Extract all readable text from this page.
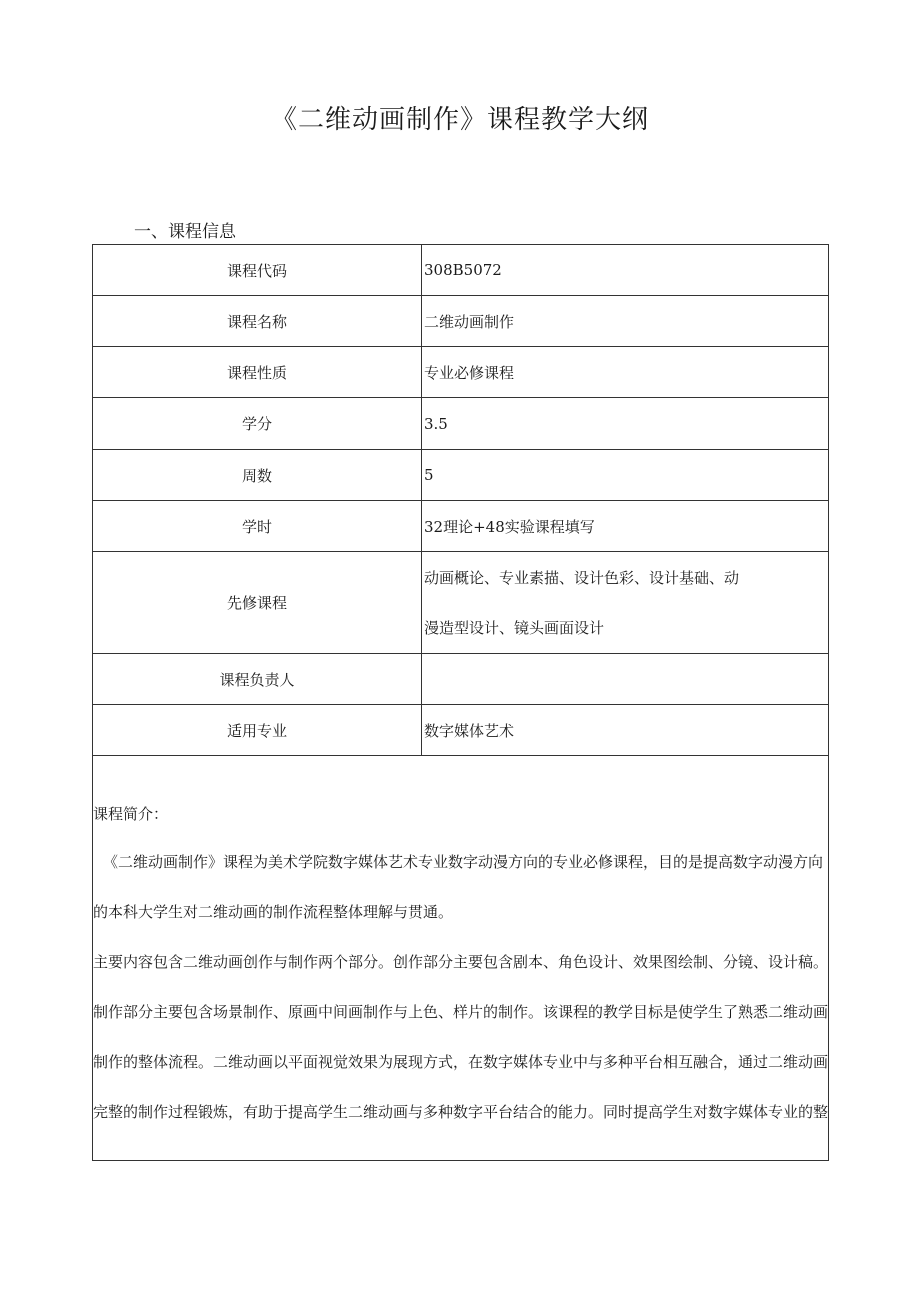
《二维动画制作》课程教学大纲
一、课程信息
课程代码	308B5072
课程名称	二维动画制作
课程性质	专业必修课程
学分	3.5
周数	5
学时	32理论+48实验课程填写
先修课程	动画概论、专业素描、设计色彩、设计基础、动
漫造型设计、镜头画面设计

课程负责人	
适用专业	数字媒体艺术

课程简介：

《二维动画制作》课程为美术学院数字媒体艺术专业数字动漫方向的专业必修课程，目的是提高数字动漫方向的本科大学生对二维动画的制作流程整体理解与贯通。

主要内容包含二维动画创作与制作两个部分。创作部分主要包含剧本、角色设计、效果图绘制、分镜、设计稿。制作部分主要包含场景制作、原画中间画制作与上色、样片的制作。该课程的教学目标是使学生了熟悉二维动画制作的整体流程。二维动画以平面视觉效果为展现方式，在数字媒体专业中与多种平台相互融合，通过二维动画完整的制作过程锻炼，有助于提高学生二维动画与多种数字平台结合的能力。同时提高学生对数字媒体专业的整	
